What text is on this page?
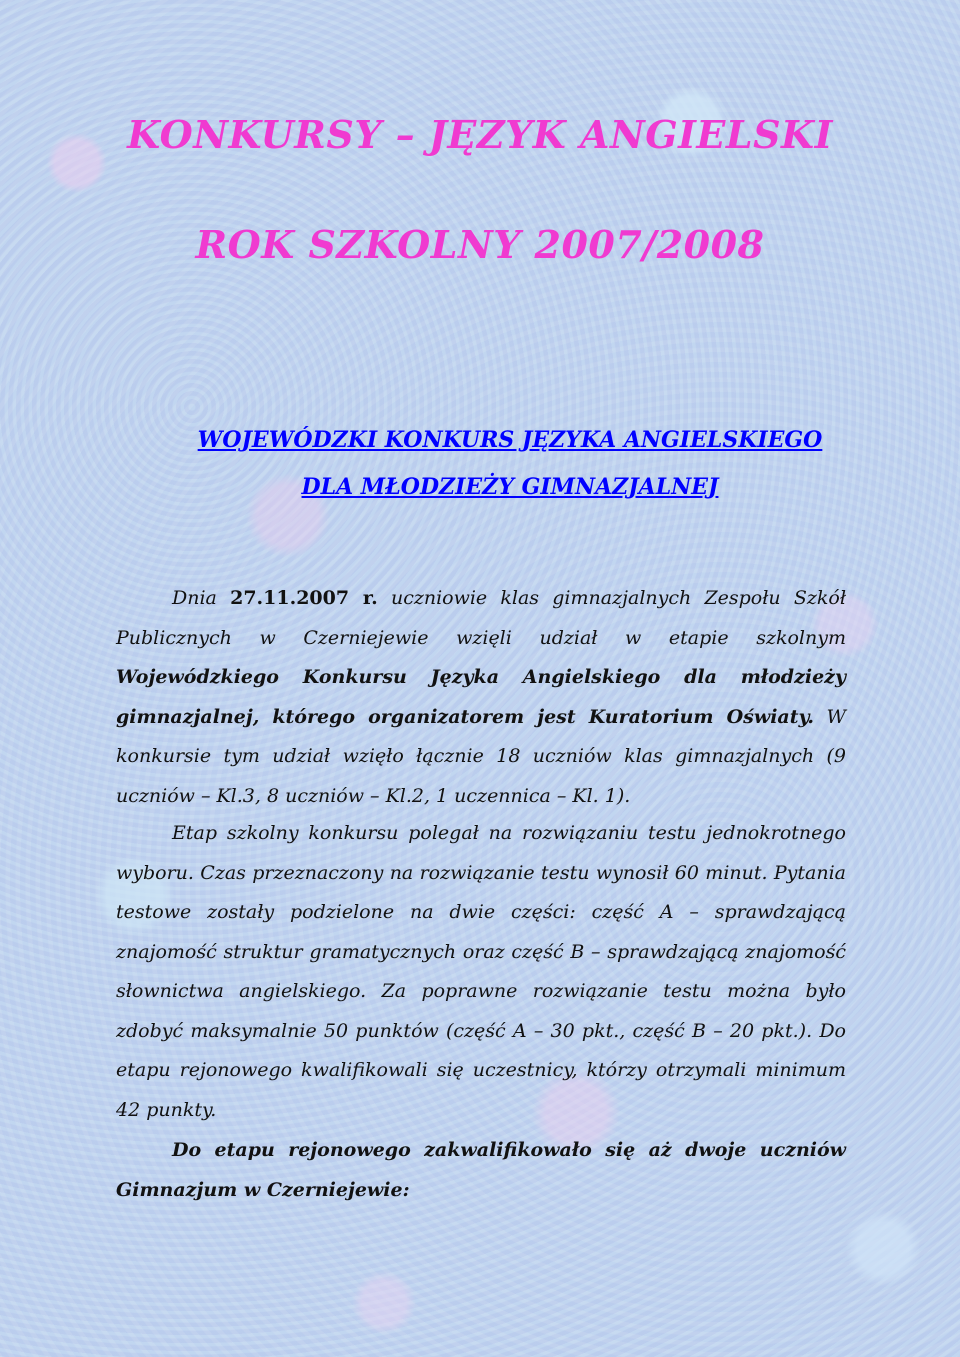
KONKURSY – JĘZYK ANGIELSKI
ROK SZKOLNY 2007/2008
WOJEWÓDZKI KONKURS JĘZYKA ANGIELSKIEGO
DLA MŁODZIEŻY GIMNAZJALNEJ

Dnia 27.11.2007 r. uczniowie klas gimnazjalnych Zespołu Szkół Publicznych w Czerniejewie wzięli udział w etapie szkolnym Wojewódzkiego Konkursu Języka Angielskiego dla młodzieży gimnazjalnej, którego organizatorem jest Kuratorium Oświaty. W konkursie tym udział wzięło łącznie 18 uczniów klas gimnazjalnych (9 uczniów – Kl.3, 8 uczniów – Kl.2, 1 uczennica – Kl. 1).

Etap szkolny konkursu polegał na rozwiązaniu testu jednokrotnego wyboru. Czas przeznaczony na rozwiązanie testu wynosił 60 minut. Pytania testowe zostały podzielone na dwie części: część A – sprawdzającą znajomość struktur gramatycznych oraz część B – sprawdzającą znajomość słownictwa angielskiego. Za poprawne rozwiązanie testu można było zdobyć maksymalnie 50 punktów (część A – 30 pkt., część B – 20 pkt.). Do etapu rejonowego kwalifikowali się uczestnicy, którzy otrzymali minimum 42 punkty.

Do etapu rejonowego zakwalifikowało się aż dwoje uczniów Gimnazjum w Czerniejewie:
